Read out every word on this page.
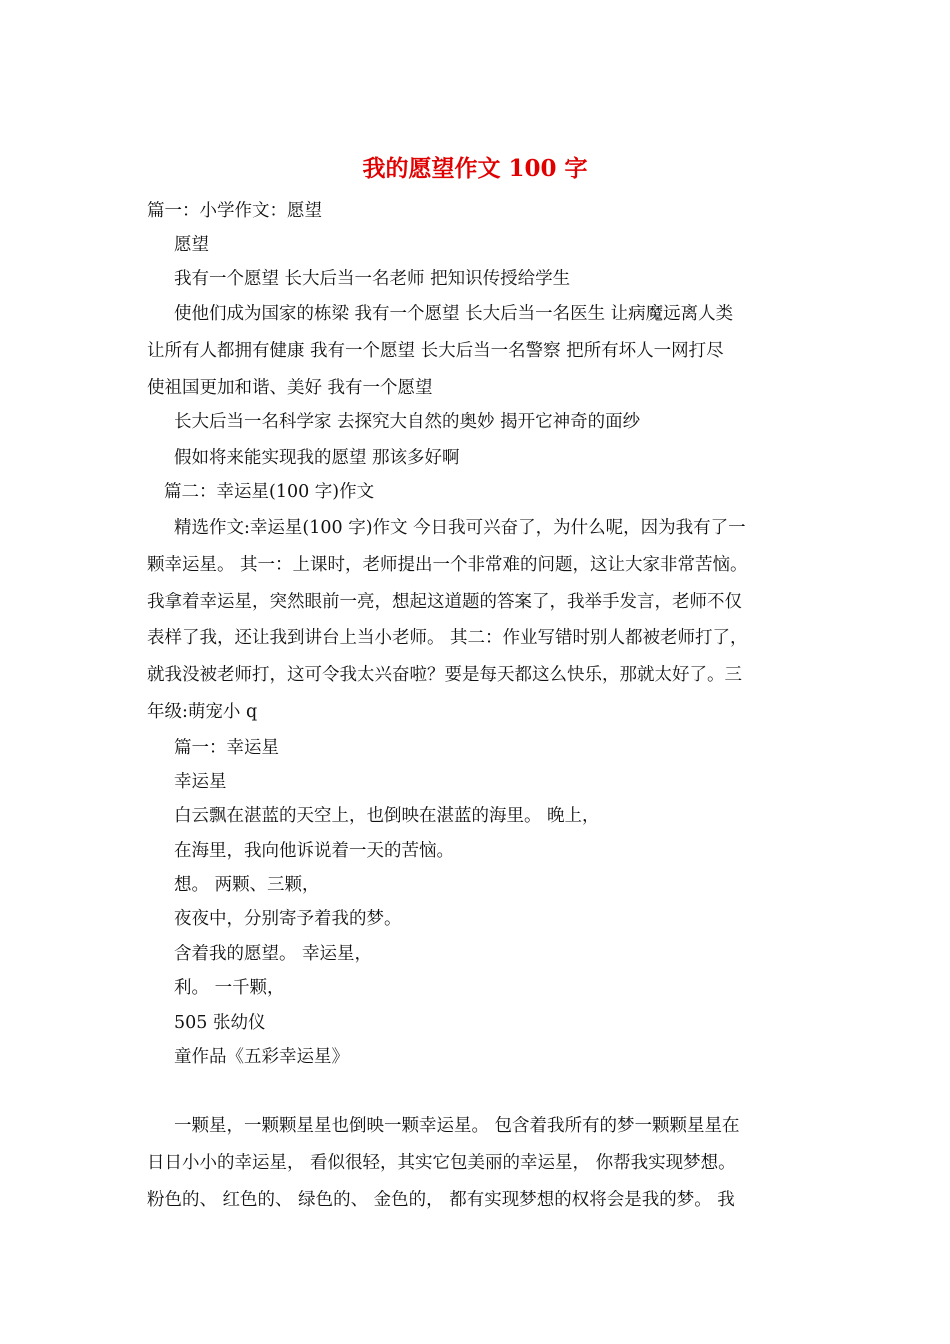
我的愿望作文 100 字
篇一：小学作文：愿望
愿望
我有一个愿望 长大后当一名老师 把知识传授给学生
使他们成为国家的栋梁 我有一个愿望 长大后当一名医生 让病魔远离人类
让所有人都拥有健康 我有一个愿望 长大后当一名警察 把所有坏人一网打尽
使祖国更加和谐、美好 我有一个愿望
长大后当一名科学家 去探究大自然的奥妙 揭开它神奇的面纱
假如将来能实现我的愿望 那该多好啊
篇二：幸运星(100 字)作文
精选作文:幸运星(100 字)作文 今日我可兴奋了，为什么呢，因为我有了一
颗幸运星。 其一：上课时，老师提出一个非常难的问题，这让大家非常苦恼。
我拿着幸运星，突然眼前一亮，想起这道题的答案了，我举手发言，老师不仅
表样了我，还让我到讲台上当小老师。 其二：作业写错时别人都被老师打了，
就我没被老师打，这可令我太兴奋啦？要是每天都这么快乐，那就太好了。三
年级:萌宠小 q
篇一：幸运星
幸运星
白云飘在湛蓝的天空上，也倒映在湛蓝的海里。 晚上，
在海里，我向他诉说着一天的苦恼。
想。 两颗、三颗，
夜夜中，分别寄予着我的梦。
含着我的愿望。 幸运星，
利。 一千颗，
505 张幼仪
童作品《五彩幸运星》
一颗星，一颗颗星星也倒映一颗幸运星。 包含着我所有的梦一颗颗星星在
日日小小的幸运星， 看似很轻，其实它包美丽的幸运星， 你帮我实现梦想。
粉色的、 红色的、 绿色的、 金色的， 都有实现梦想的权将会是我的梦。 我
